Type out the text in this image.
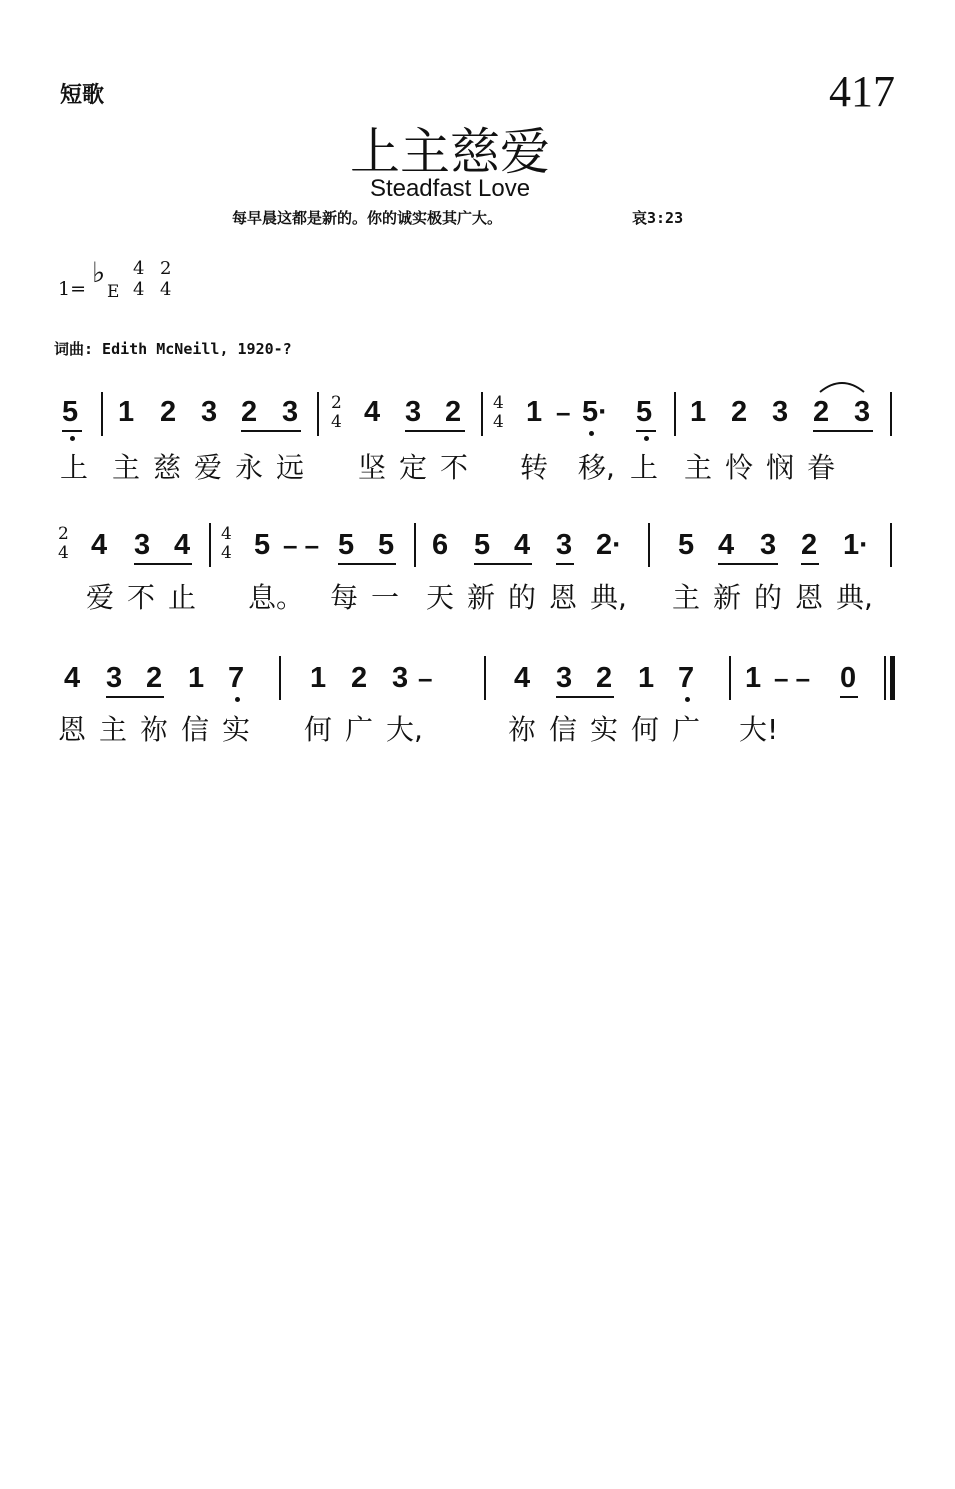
短歌	417
上主慈爱
Steadfast Love
每早晨这都是新的。你的诚实极其广大。	哀3:23
1= ♭
E
4
4
2
4
词曲: Edith McNeill, 1920-?
5 1 2 3 2 3 2
4 4 3 2 4
4 1 – 5· 5 1 2 3 2 3
上 主 慈 爱 永 远 坚 定 不 转 移, 上 主 怜 悯 眷
2
4 4 3 4 4
4 5 – – 5 5 6 5 4 3 2· 5 4 3 2 1·
爱 不 止 息。 每 一 天 新 的 恩 典, 主 新 的 恩 典,
4 3 2 1 7 1 2 3 –	4 3 2 1 7 1 – – 0
恩 主 祢 信 实 何 广 大,	祢 信 实 何 广 大!
